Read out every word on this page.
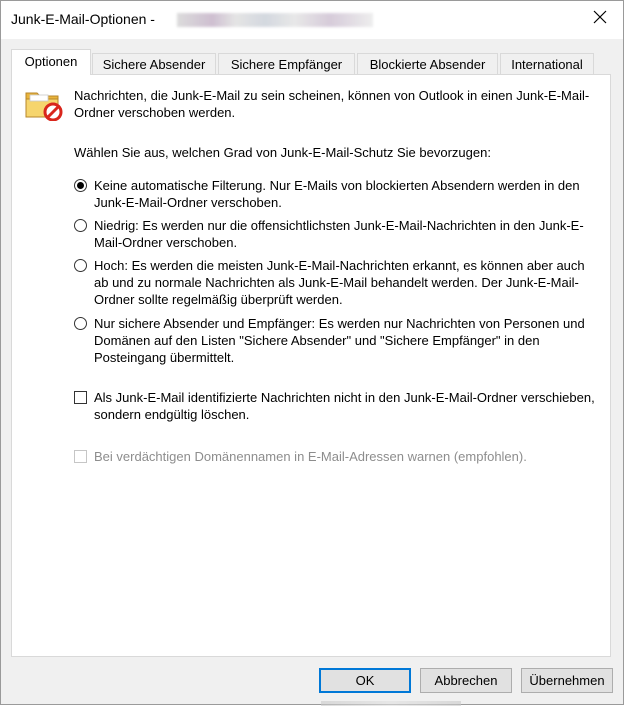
Junk-E-Mail-Optionen -
Optionen	Sichere Absender	Sichere Empfänger	Blockierte Absender	International
Nachrichten, die Junk-E-Mail zu sein scheinen, können von Outlook in einen Junk-E-Mail-Ordner verschoben werden.
Wählen Sie aus, welchen Grad von Junk-E-Mail-Schutz Sie bevorzugen:
Keine automatische Filterung. Nur E-Mails von blockierten Absendern werden in den Junk-E-Mail-Ordner verschoben.
Niedrig: Es werden nur die offensichtlichsten Junk-E-Mail-Nachrichten in den Junk-E-Mail-Ordner verschoben.
Hoch: Es werden die meisten Junk-E-Mail-Nachrichten erkannt, es können aber auch ab und zu normale Nachrichten als Junk-E-Mail behandelt werden. Der Junk-E-Mail-Ordner sollte regelmäßig überprüft werden.
Nur sichere Absender und Empfänger: Es werden nur Nachrichten von Personen und Domänen auf den Listen "Sichere Absender" und "Sichere Empfänger" in den Posteingang übermittelt.
Als Junk-E-Mail identifizierte Nachrichten nicht in den Junk-E-Mail-Ordner verschieben, sondern endgültig löschen.
Bei verdächtigen Domänennamen in E-Mail-Adressen warnen (empfohlen).
OK	Abbrechen	Übernehmen
